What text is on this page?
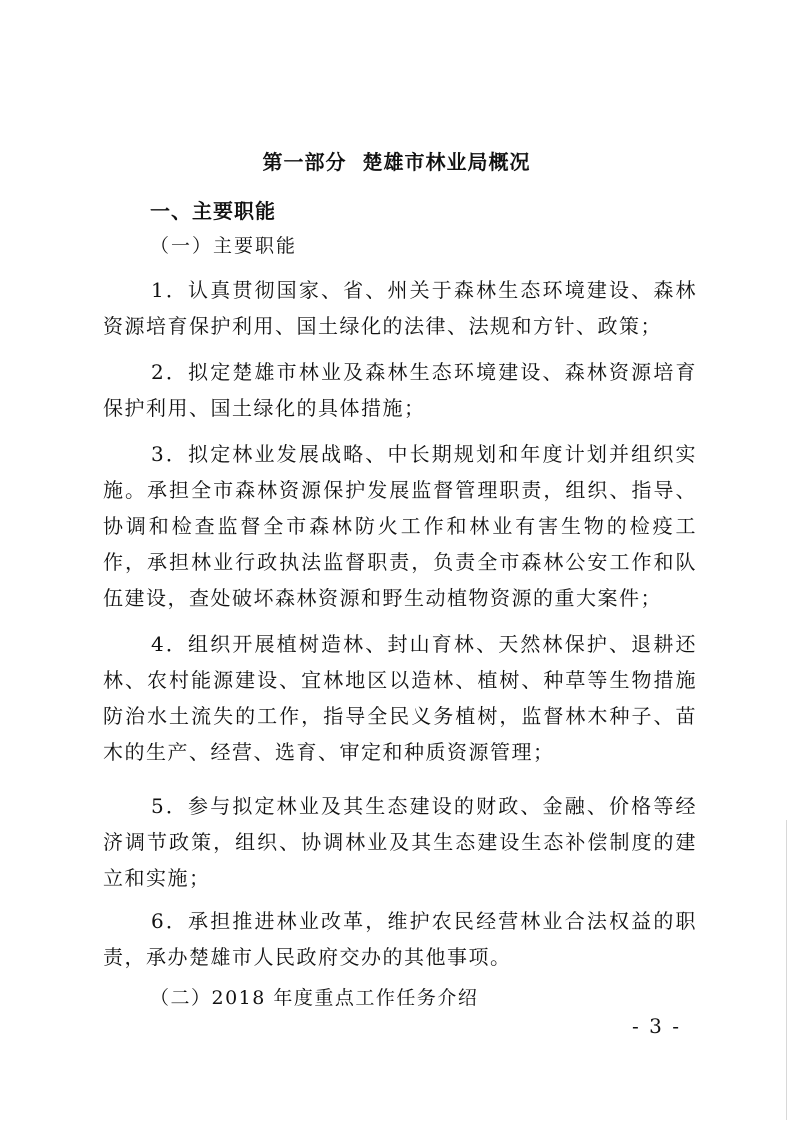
第一部分  楚雄市林业局概况
一、主要职能
（一）主要职能

1．认真贯彻国家、省、州关于森林生态环境建设、森林资源培育保护利用、国土绿化的法律、法规和方针、政策；

2．拟定楚雄市林业及森林生态环境建设、森林资源培育保护利用、国土绿化的具体措施；

3．拟定林业发展战略、中长期规划和年度计划并组织实施。承担全市森林资源保护发展监督管理职责，组织、指导、协调和检查监督全市森林防火工作和林业有害生物的检疫工作，承担林业行政执法监督职责，负责全市森林公安工作和队伍建设，查处破坏森林资源和野生动植物资源的重大案件；

4．组织开展植树造林、封山育林、天然林保护、退耕还林、农村能源建设、宜林地区以造林、植树、种草等生物措施防治水土流失的工作，指导全民义务植树，监督林木种子、苗木的生产、经营、选育、审定和种质资源管理；

5．参与拟定林业及其生态建设的财政、金融、价格等经济调节政策，组织、协调林业及其生态建设生态补偿制度的建立和实施；

6．承担推进林业改革，维护农民经营林业合法权益的职责，承办楚雄市人民政府交办的其他事项。

（二）2018 年度重点工作任务介绍
- 3 -
